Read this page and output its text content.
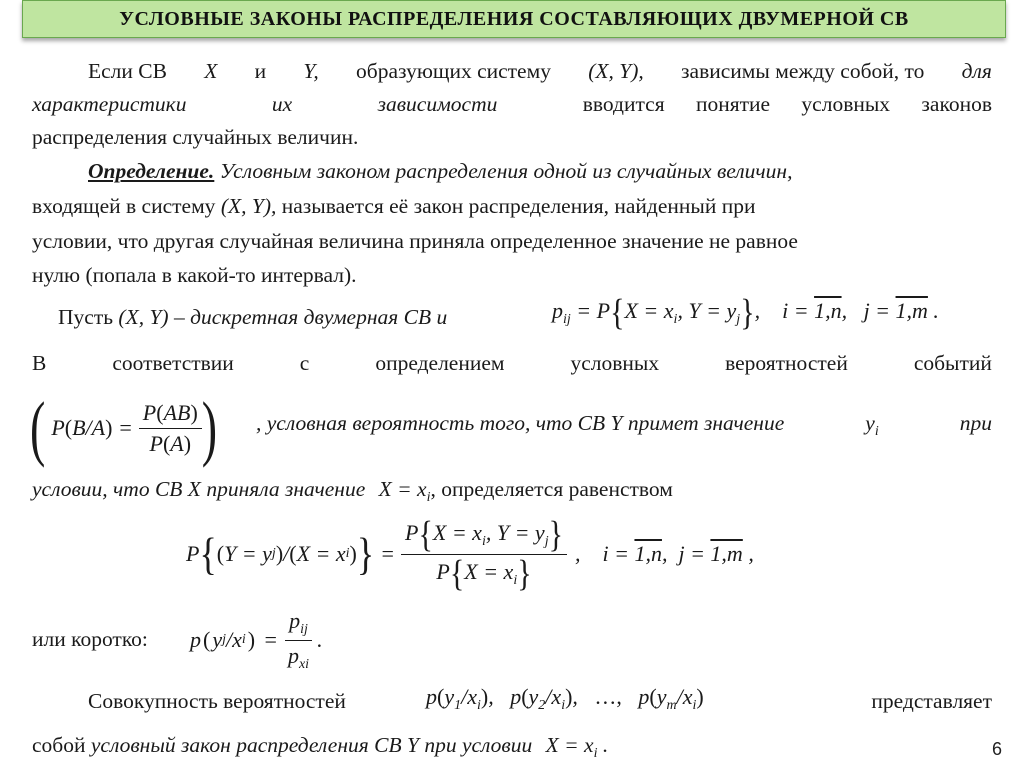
УСЛОВНЫЕ ЗАКОНЫ РАСПРЕДЕЛЕНИЯ СОСТАВЛЯЮЩИХ ДВУМЕРНОЙ СВ
Если СВ X и Y, образующих систему (X, Y), зависимы между собой, то для
характеристики	их	зависимости	вводится понятие условных законов
распределения случайных величин.
Определение. Условным законом распределения одной из случайных величин,
входящей в систему (X, Y), называется её закон распределения, найденный при
условии, что другая случайная величина приняла определенное значение не равное
нулю (попала в какой-то интервал).
Пусть (X, Y) – дискретная двумерная СВ и	$p_{ij} = P\{X = x_i$, $Y = y_j$},    i = 1,n,   j = 1,m .
В	соответствии	с	определением	условных	вероятностей	событий
( $P(B/A) = \frac{P(AB)}{P(A)}$ ) , условная вероятность того, что СВ Y примет значение	$y_i$	при
условии, что СВ X приняла значение $X = x_i$, определяется равенством
P { ( Y = y j ) / ( X = x i ) } = $\frac{P\{X = x_i, Y = y_j\}}{P\{X = x_i\}}$ ,    i = 1,n,  j = 1,m ,
или коротко:	p ( y j /x i ) = $\frac{p_{ij}}{p_{xi}}$ .
Совокупность вероятностей	$p(y_1/x_i)$,   $p(y_2/x_i)$,   …,   $p(y_m/x_i)$	представляет
собой условный закон распределения СВ Y при условии $X = x_i$ .	6
